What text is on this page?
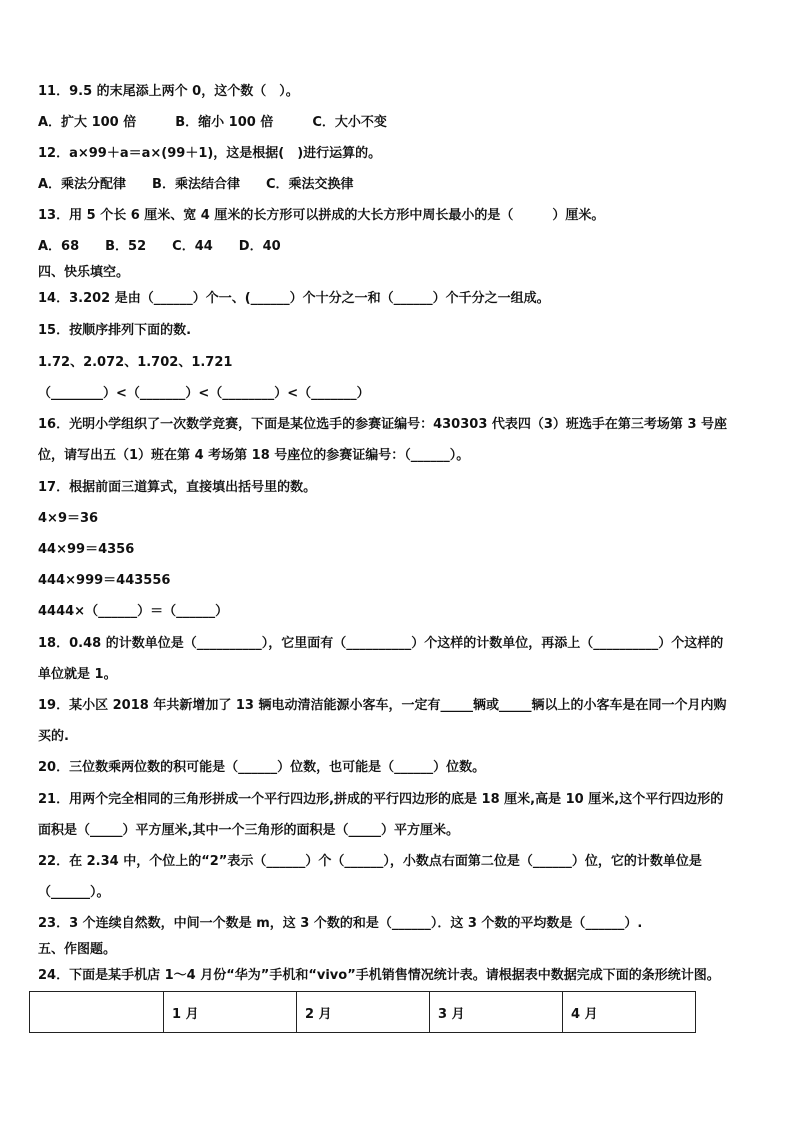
11．9.5 的末尾添上两个 0，这个数（　）。
A．扩大 100 倍　　　B．缩小 100 倍　　　C．大小不变
12．a×99＋a＝a×(99＋1)，这是根据(　)进行运算的。
A．乘法分配律　　B．乘法结合律　　C．乘法交换律
13．用 5 个长 6 厘米、宽 4 厘米的长方形可以拼成的大长方形中周长最小的是（　　　）厘米。
A．68　　B．52　　C．44　　D．40
四、快乐填空。
14．3.202 是由（______）个一、(______）个十分之一和（______）个千分之一组成。
15．按顺序排列下面的数.
1.72、2.072、1.702、1.721
（________）<（_______）<（________）<（_______）
16．光明小学组织了一次数学竞赛，下面是某位选手的参赛证编号：430303 代表四（3）班选手在第三考场第 3 号座
位，请写出五（1）班在第 4 考场第 18 号座位的参赛证编号：（______）。
17．根据前面三道算式，直接填出括号里的数。
4×9＝36
44×99＝4356
444×999＝443556
4444×（______）＝（______）
18．0.48 的计数单位是（__________），它里面有（__________）个这样的计数单位，再添上（__________）个这样的
单位就是 1。
19．某小区 2018 年共新增加了 13 辆电动清洁能源小客车，一定有_____辆或_____辆以上的小客车是在同一个月内购
买的.
20．三位数乘两位数的积可能是（______）位数，也可能是（______）位数。
21．用两个完全相同的三角形拼成一个平行四边形,拼成的平行四边形的底是 18 厘米,高是 10 厘米,这个平行四边形的
面积是（_____）平方厘米,其中一个三角形的面积是（_____）平方厘米。
22．在 2.34 中，个位上的“2”表示（______）个（______），小数点右面第二位是（______）位，它的计数单位是
（______）。
23．3 个连续自然数，中间一个数是 m，这 3 个数的和是（______）．这 3 个数的平均数是（______）.
五、作图题。
24．下面是某手机店 1～4 月份“华为”手机和“vivo”手机销售情况统计表。请根据表中数据完成下面的条形统计图。
	1 月	2 月	3 月	4 月
